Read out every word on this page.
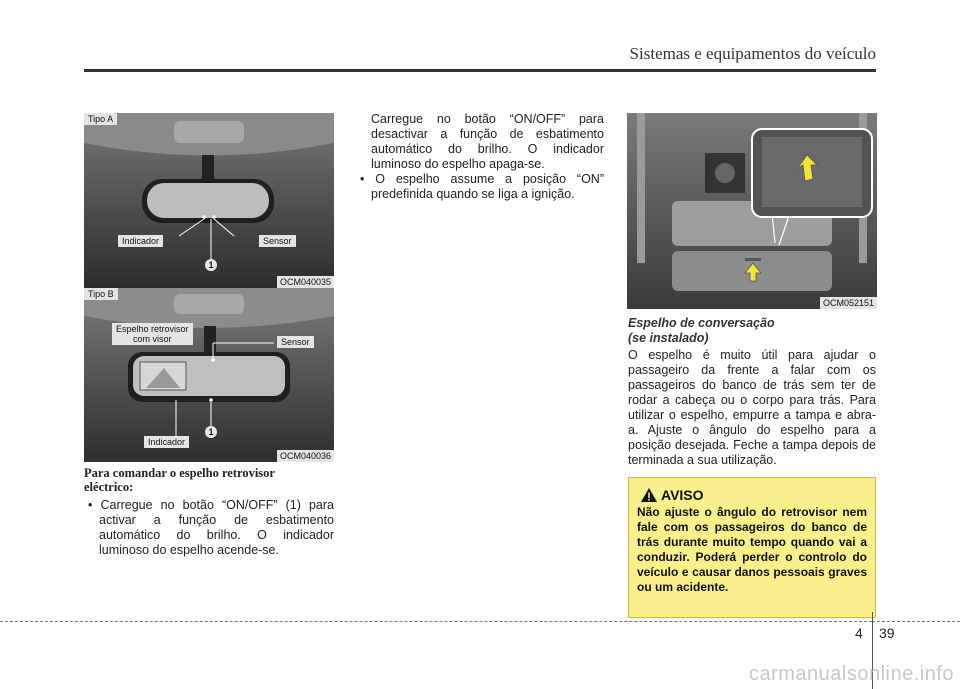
Sistemas e equipamentos do veículo
Tipo A
Indicador	Sensor
1
OCM040035
Tipo B
Espelho retrovisor
com visor	Sensor
Indicador
1
OCM040036
Para comandar o espelho retrovisor
eléctrico:

• Carregue no botão “ON/OFF” (1) para activar a função de esbatimento automático do brilho. O indicador luminoso do espelho acende-se.

Carregue no botão “ON/OFF” para desactivar a função de esbatimento automático do brilho. O indicador luminoso do espelho apaga-se.

• O espelho assume a posição “ON” predefinida quando se liga a ignição.

OCM052151
Espelho de conversação
(se instalado)

O espelho é muito útil para ajudar o passageiro da frente a falar com os passageiros do banco de trás sem ter de rodar a cabeça ou o corpo para trás. Para utilizar o espelho, empurre a tampa e abra-a. Ajuste o ângulo do espelho para a posição desejada. Feche a tampa depois de terminada a sua utilização.

AVISO
Não ajuste o ângulo do retrovisor nem fale com os passageiros do banco de trás durante muito tempo quando vai a conduzir. Poderá perder o controlo do veículo e causar danos pessoais graves ou um acidente.
4 39
carmanualsonline.info
